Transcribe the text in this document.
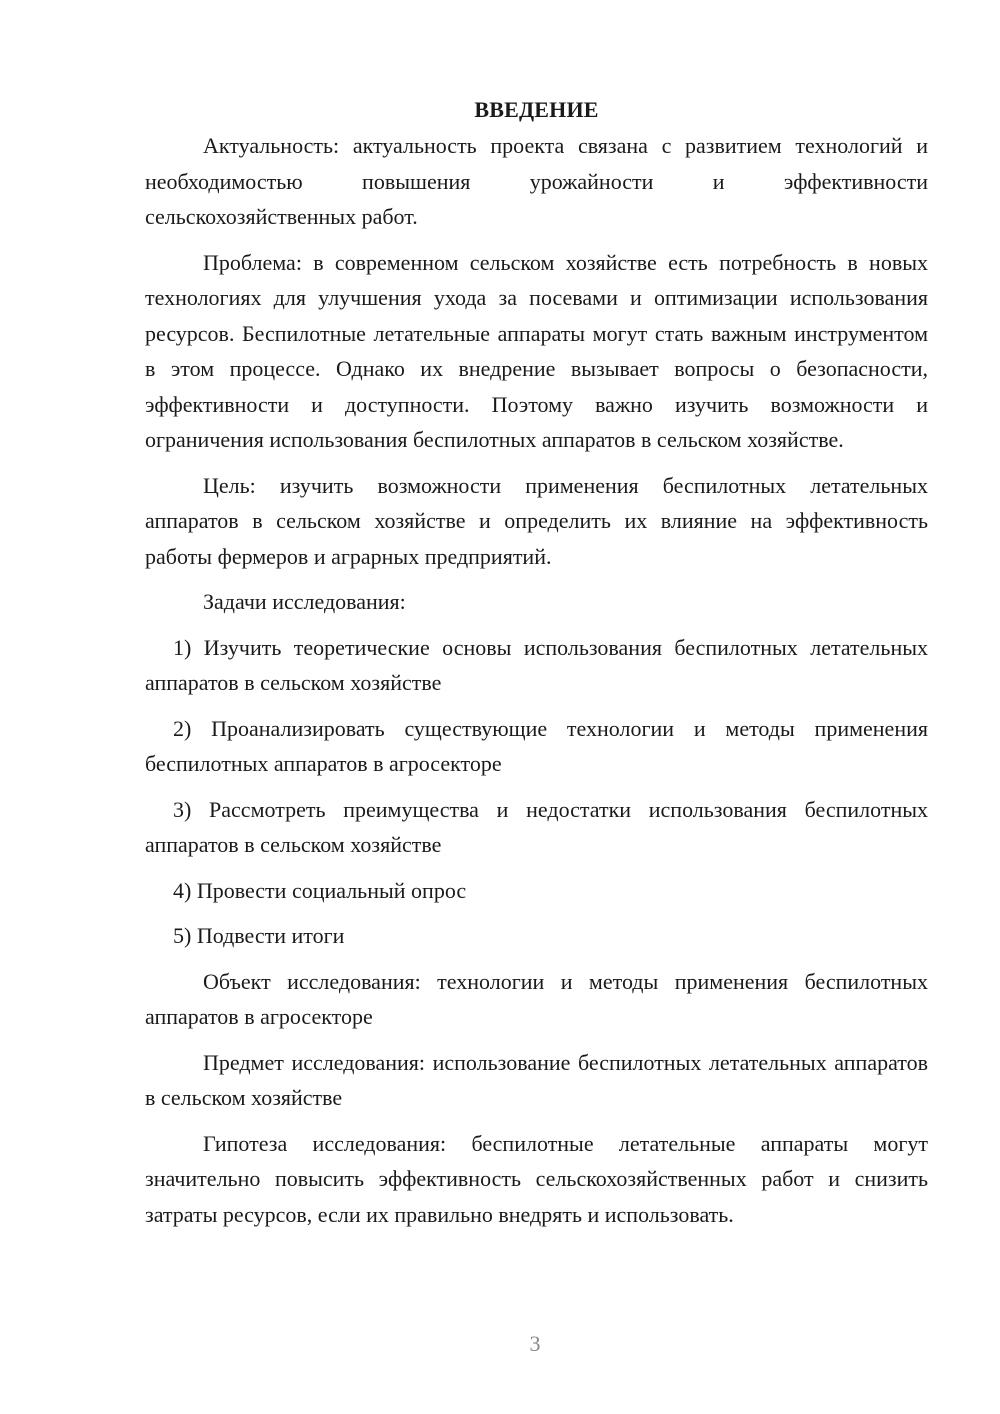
ВВЕДЕНИЕ

Актуальность: актуальность проекта связана с развитием технологий и необходимостью повышения урожайности и эффективности сельскохозяйственных работ.

Проблема: в современном сельском хозяйстве есть потребность в новых технологиях для улучшения ухода за посевами и оптимизации использования ресурсов. Беспилотные летательные аппараты могут стать важным инструментом в этом процессе. Однако их внедрение вызывает вопросы о безопасности, эффективности и доступности. Поэтому важно изучить возможности и ограничения использования беспилотных аппаратов в сельском хозяйстве.

Цель: изучить возможности применения беспилотных летательных аппаратов в сельском хозяйстве и определить их влияние на эффективность работы фермеров и аграрных предприятий.

Задачи исследования:

1) Изучить теоретические основы использования беспилотных летательных аппаратов в сельском хозяйстве

2) Проанализировать существующие технологии и методы применения беспилотных аппаратов в агросекторе

3) Рассмотреть преимущества и недостатки использования беспилотных аппаратов в сельском хозяйстве

4) Провести социальный опрос

5) Подвести итоги

Объект исследования: технологии и методы применения беспилотных аппаратов в агросекторе

Предмет исследования: использование беспилотных летательных аппаратов в сельском хозяйстве

Гипотеза исследования: беспилотные летательные аппараты могут значительно повысить эффективность сельскохозяйственных работ и снизить затраты ресурсов, если их правильно внедрять и использовать.

3
